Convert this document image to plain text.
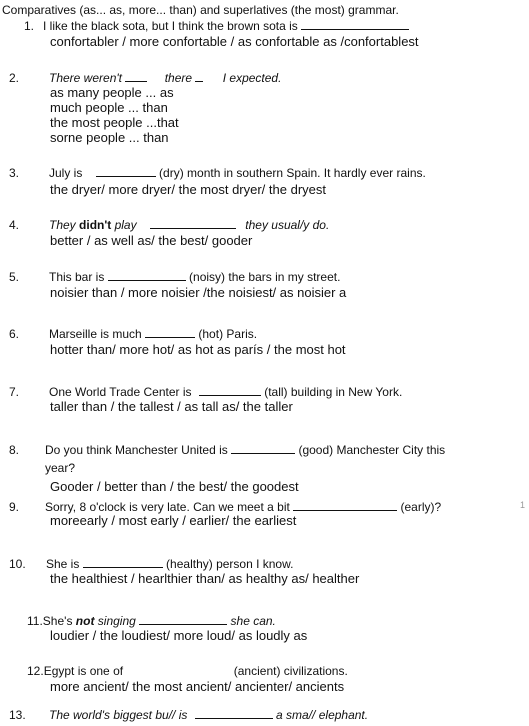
Comparatives (as... as, more... than) and superlatives (the most) grammar.
1. I like the black sota, but I think the brown sota is
confortabler / more confortable / as confortable as /confortablest
2. There weren't	there	I expected.
as many people ... as
much people ... than
the most people ...that
sorne people ... than
3. July is	(dry) month in southern Spain. It hardly ever rains.
the dryer/ more dryer/ the most dryer/ the dryest
4. They didn't play	they usual/y do.
better / as well as/ the best/ gooder
5. This bar is	(noisy) the bars in my street.
noisier than / more noisier /the noisiest/ as noisier a
6. Marseille is much	(hot) Paris.
hotter than/ more hot/ as hot as parís / the most hot
7. One World Trade Center is	(tall) building in New York.
taller than / the tallest / as tall as/ the taller
8. Do you think Manchester United is	(good) Manchester City this
year?
Gooder / better than / the best/ the goodest
9. Sorry, 8 o'clock is very late. Can we meet a bit	(early)?
moreearly / most early / earlier/ the earliest
1
10. She is	(healthy) person I know.
the healthiest / hearlthier than/ as healthy as/ healther
11.She's not singing	she can.
loudier / the loudiest/ more loud/ as loudly as
12.Egypt is one of	(ancient) civilizations.
more ancient/ the most ancient/ ancienter/ ancients
13. The world's biggest bu// is	a sma// elephant.
